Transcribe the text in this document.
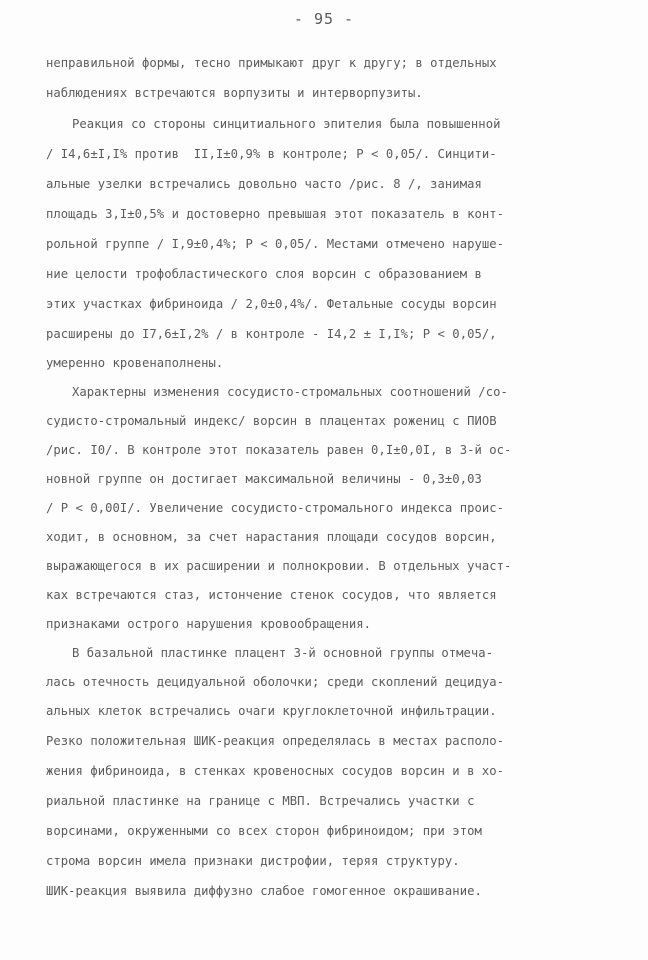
- 95 -
неправильной формы, тесно примыкают друг к другу; в отдельных
наблюдениях встречаются ворпузиты и интерворпузиты.
Реакция со стороны синцитиального эпителия была повышенной
/ I4,6±I,I% против  II,I±0,9% в контроле; P < 0,05/. Синцити-
альные узелки встречались довольно часто /рис. 8 /, занимая
площадь 3,I±0,5% и достоверно превышая этот показатель в конт-
рольной группе / I,9±0,4%; P < 0,05/. Местами отмечено наруше-
ние целости трофобластического слоя ворсин с образованием в
этих участках фибриноида / 2,0±0,4%/. Фетальные сосуды ворсин
расширены до I7,6±I,2% / в контроле - I4,2 ± I,I%; P < 0,05/,
умеренно кровенаполнены.
Характерны изменения сосудисто-стромальных соотношений /со-
судисто-стромальный индекс/ ворсин в плацентах рожениц с ПИОВ
/рис. I0/. В контроле этот показатель равен 0,I±0,0I, в 3-й ос-
новной группе он достигает максимальной величины - 0,3±0,03
/ P < 0,00I/. Увеличение сосудисто-стромального индекса проис-
ходит, в основном, за счет нарастания площади сосудов ворсин,
выражающегося в их расширении и полнокровии. В отдельных участ-
ках встречаются стаз, истончение стенок сосудов, что является
признаками острого нарушения кровообращения.
В базальной пластинке плацент 3-й основной группы отмеча-
лась отечность децидуальной оболочки; среди скоплений децидуа-
альных клеток встречались очаги круглоклеточной инфильтрации.
Резко положительная ШИК-реакция определялась в местах располо-
жения фибриноида, в стенках кровеносных сосудов ворсин и в хо-
риальной пластинке на границе с МВП. Встречались участки с
ворсинами, окруженными со всех сторон фибриноидом; при этом
строма ворсин имела признаки дистрофии, теряя структуру.
ШИК-реакция выявила диффузно слабое гомогенное окрашивание.
